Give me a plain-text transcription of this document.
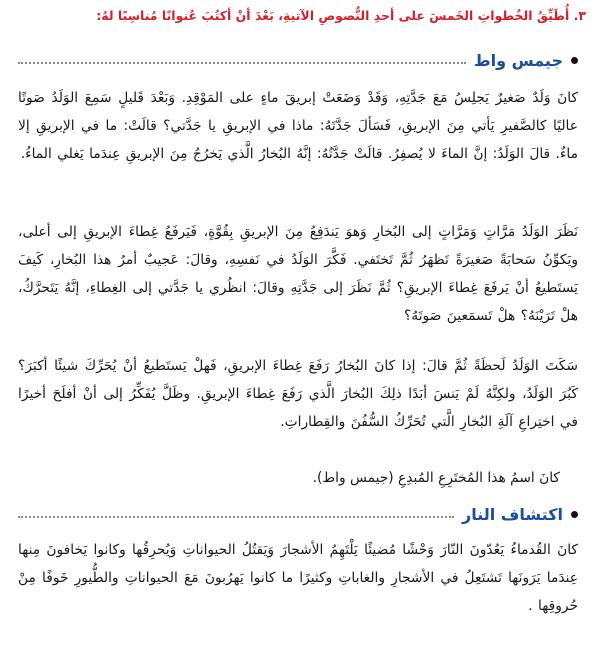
٣. أُطَبِّقُ الخُطواتِ الخَمسَ على أحدِ النُّصوصِ الآتيةِ، بَعْدَ أنْ أكتُبَ عُنوانًا مُناسِبًا لهُ:
جيمس واط

كانَ وَلَدٌ صَغيرٌ يَجلِسُ مَعَ جَدَّتِهِ، وَقَدْ وَضَعَتْ إبريقَ ماءٍ على المَوْقِدِ. وَبَعْدَ قَليلٍ سَمِعَ الوَلَدُ صَوتًا عاليًا كالصَّفيرِ يَأتي مِنَ الإبريقِ، فَسَألَ جَدَّتَهُ: ماذا في الإبريقِ يا جَدَّتي؟ قالَتْ: ما في الإبريقِ إلا ماءٌ. قالَ الوَلَدُ: إنَّ الماءَ لا يُصفِرُ. قالَتْ جَدَّتُهُ: إنَّهُ البُخارُ الَّذي يَخرُجُ مِنَ الإبريقِ عِندَما يَغلي الماءُ.

نَظَرَ الوَلَدُ مَرَّاتٍ وَمَرَّاتٍ إلى البُخارِ وَهوَ يَندَفِعُ مِنَ الإبريقِ بِقُوَّةٍ، فَيَرفَعُ غِطاءَ الإبريقِ إلى أعلى، ويَكوِّنُ سَحابَةً صَغيرَةً تَظهَرُ ثُمَّ تَختَفي. فَكَّرَ الوَلَدُ في نَفسِهِ، وقالَ: عَجيبٌ أمرُ هذا البُخارِ، كَيفَ يَستَطيعُ أنْ يَرفَعَ غِطاءَ الإبريقِ؟ ثُمَّ نَظَرَ إلى جَدَّتِهِ وقالَ: انظُري يا جَدَّتي إلى الغِطاءِ، إنَّهُ يَتَحرَّكُ، هلْ تَرَيْنَهُ؟ هلْ تَسمَعينَ صَوتَهُ؟

سَكَتَ الوَلَدُ لَحظَةً ثُمَّ قالَ: إذا كانَ البُخارُ رَفَعَ غِطاءَ الإبريقِ، فَهلْ يَستَطيعُ أنْ يُحَرِّكَ شيئًا أكبَرَ؟ كَبُرَ الوَلَدُ، ولكِنَّهُ لَمْ يَنسَ أبَدًا ذلِكَ البُخارَ الَّذي رَفَعَ غِطاءَ الإبريقِ. وظَلَّ يُفَكِّرُ إلى أنْ أفلَحَ أخيرًا في اختِراعِ آلَةِ البُخارِ الَّتي تُحَرِّكُ السُّفُنَ والقِطاراتِ.

كانَ اسمُ هذا المُختَرِعِ المُبدِعِ (جيمس واط).
اكتشاف النار

كانَ القُدماءُ يَعُدّونَ النّارَ وَحْشًا مُضيئًا يَلْتَهِمُ الأشجارَ وَيَقتُلُ الحيواناتِ وَيُحرِقُها وكانوا يَخافونَ مِنها عِندَما يَرَونَها تَشتَعِلُ في الأشجارِ والغاباتِ وكثيرًا ما كانوا يَهرُبونَ مَعَ الحيواناتِ والطُّيورِ خَوفًا مِنْ حُروقِها .
